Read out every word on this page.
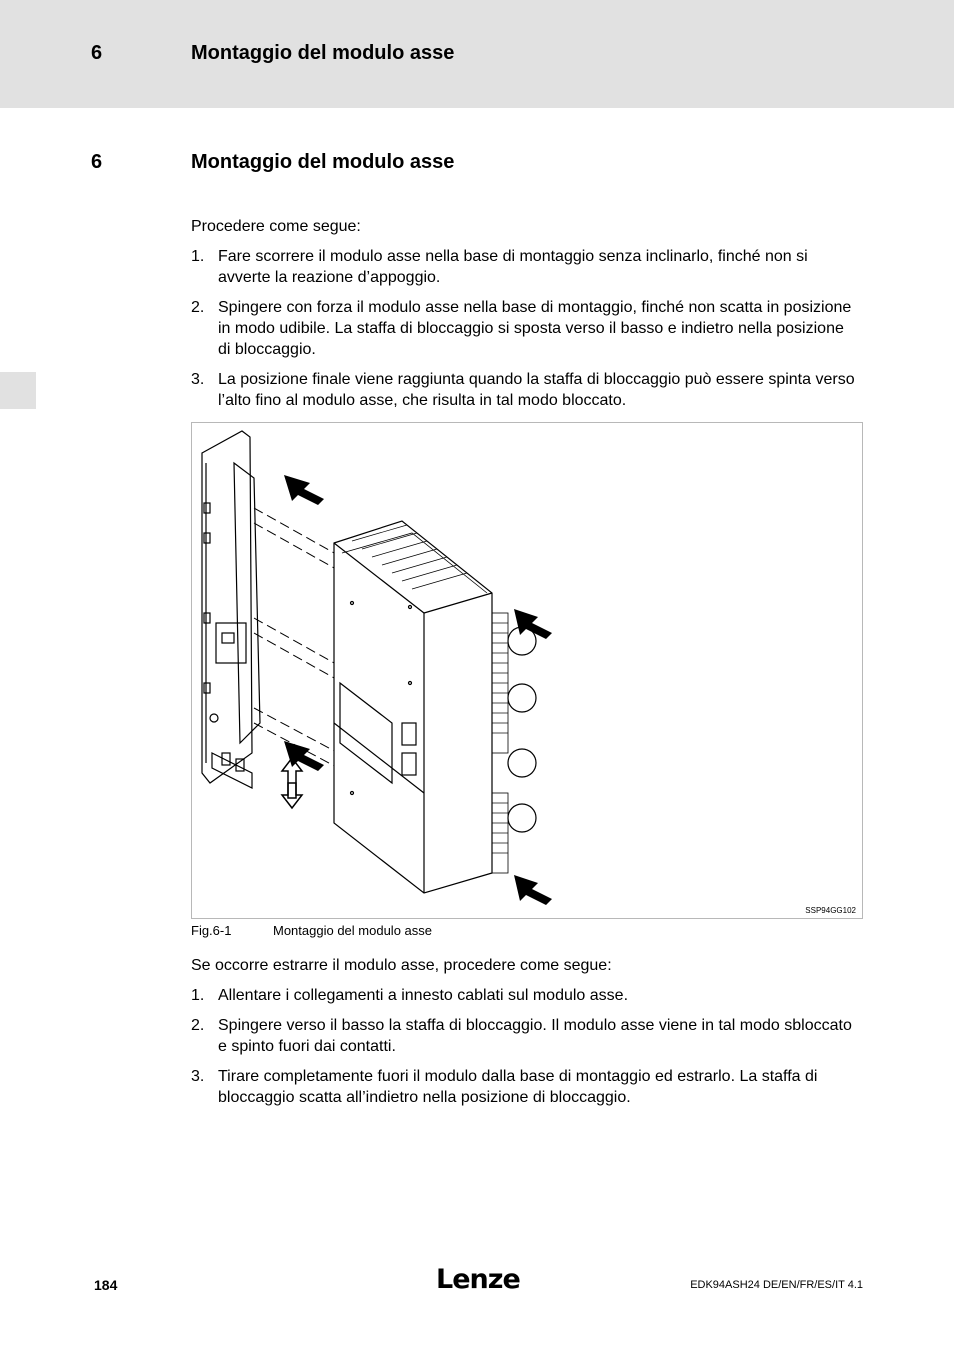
6	Montaggio del modulo asse
6	Montaggio del modulo asse
Procedere come segue:
1. Fare scorrere il modulo asse nella base di montaggio senza inclinarlo, finché non si avverte la reazione d’appoggio.
2. Spingere con forza il modulo asse nella base di montaggio, finché non scatta in posizione in modo udibile. La staffa di bloccaggio si sposta verso il basso e indietro nella posizione di bloccaggio.
3. La posizione finale viene raggiunta quando la staffa di bloccaggio può essere spinta verso l’alto fino al modulo asse, che risulta in tal modo bloccato.
SSP94GG102
Fig.6-1	Montaggio del modulo asse
Se occorre estrarre il modulo asse, procedere come segue:
1. Allentare i collegamenti a innesto cablati sul modulo asse.
2. Spingere verso il basso la staffa di bloccaggio. Il modulo asse viene in tal modo sbloccato e spinto fuori dai contatti.
3. Tirare completamente fuori il modulo dalla base di montaggio ed estrarlo. La staffa di bloccaggio scatta all’indietro nella posizione di bloccaggio.
184	Lenze	EDK94ASH24 DE/EN/FR/ES/IT 4.1
